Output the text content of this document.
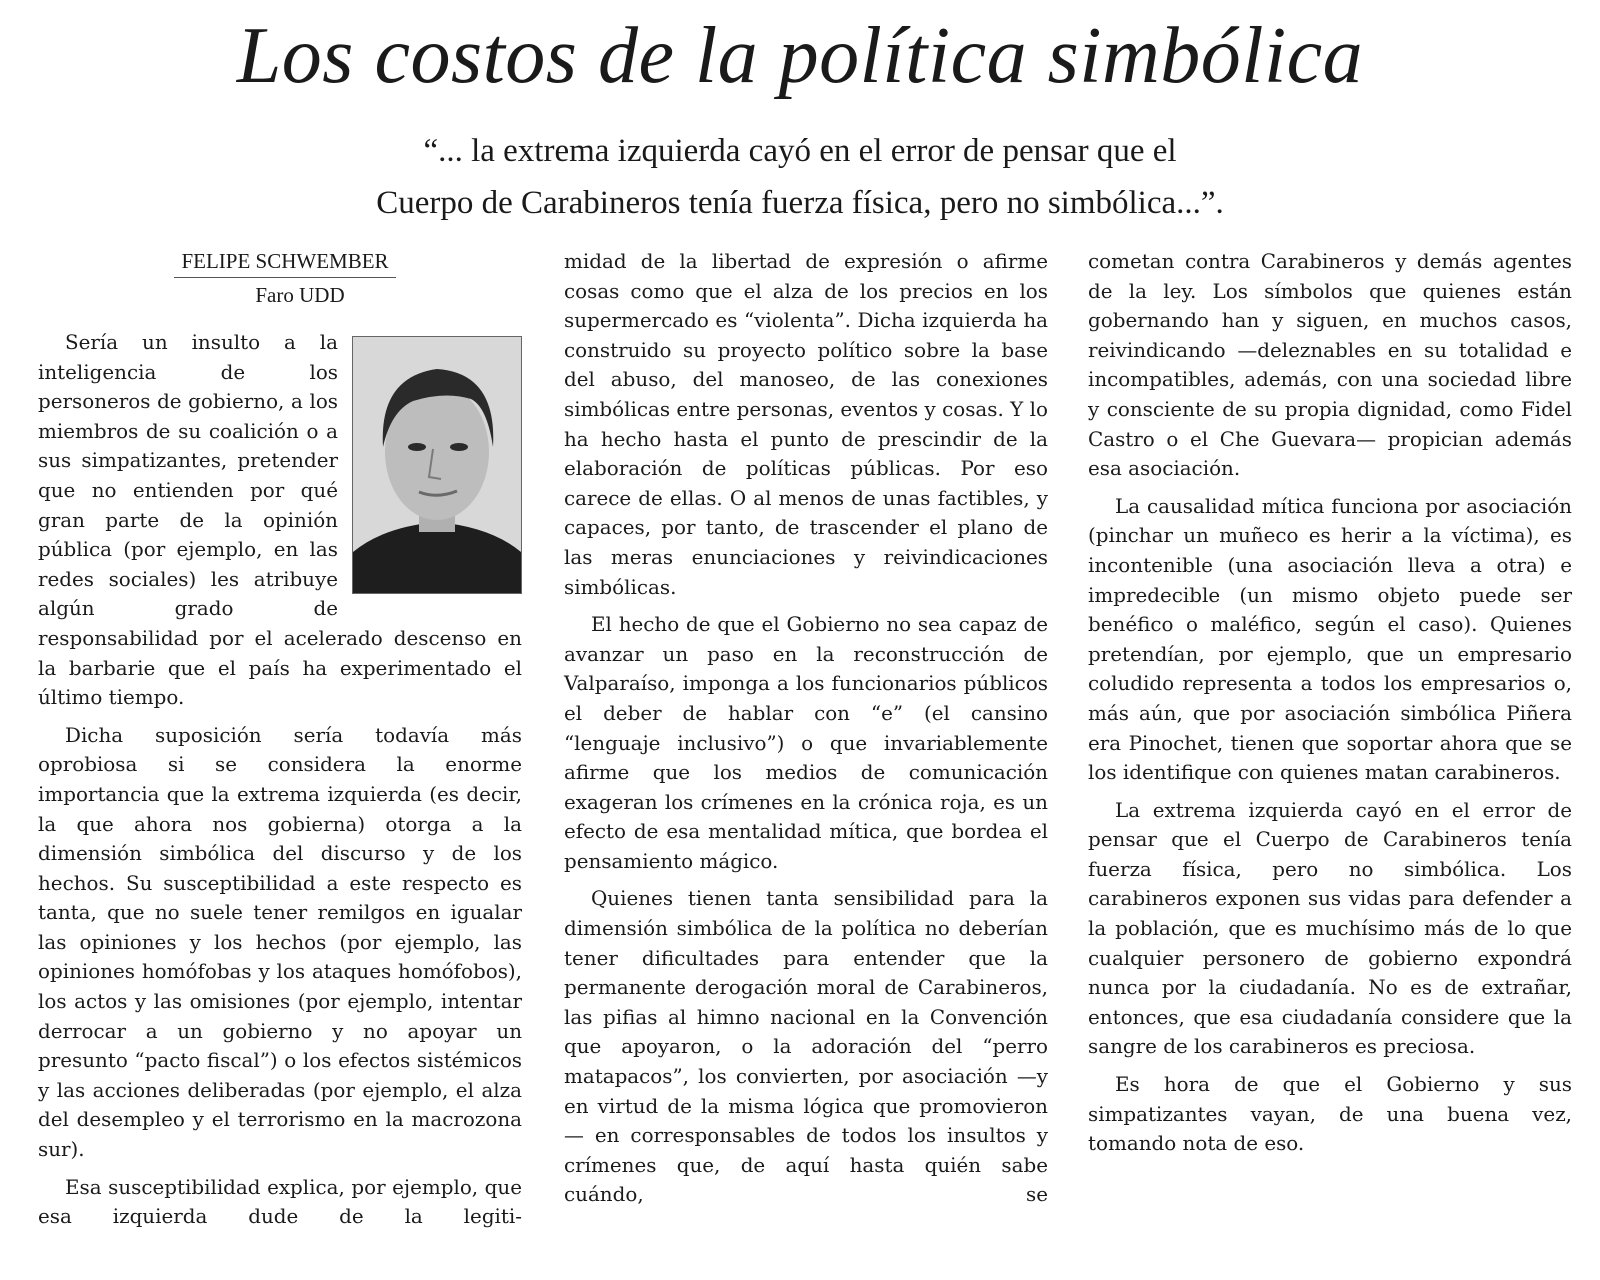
Los costos de la política simbólica
“... la extrema izquierda cayó en el error de pensar que el
Cuerpo de Carabineros tenía fuerza física, pero no simbólica...”.
FELIPE SCHWEMBER
Faro UDD

Sería un insulto a la inteligencia de los personeros de gobierno, a los miembros de su coalición o a sus simpatizantes, pretender que no entienden por qué gran parte de la opinión pública (por ejemplo, en las redes sociales) les atribuye algún grado de responsabilidad por el acelerado descenso en la barbarie que el país ha experimentado el último tiempo.

Dicha suposición sería todavía más oprobiosa si se considera la enorme importancia que la extrema izquierda (es decir, la que ahora nos gobierna) otorga a la dimensión simbólica del discurso y de los hechos. Su susceptibilidad a este respecto es tanta, que no suele tener remilgos en igualar las opiniones y los hechos (por ejemplo, las opiniones homófobas y los ataques homófobos), los actos y las omisiones (por ejemplo, intentar derrocar a un gobierno y no apoyar un presunto “pacto fiscal”) o los efectos sistémicos y las acciones deliberadas (por ejemplo, el alza del desempleo y el terrorismo en la macrozona sur).

Esa susceptibilidad explica, por ejemplo, que esa izquierda dude de la legiti-

midad de la libertad de expresión o afirme cosas como que el alza de los precios en los supermercado es “violenta”. Dicha izquierda ha construido su proyecto político sobre la base del abuso, del manoseo, de las conexiones simbólicas entre personas, eventos y cosas. Y lo ha hecho hasta el punto de prescindir de la elaboración de políticas públicas. Por eso carece de ellas. O al menos de unas factibles, y capaces, por tanto, de trascender el plano de las meras enunciaciones y reivindicaciones simbólicas.

El hecho de que el Gobierno no sea capaz de avanzar un paso en la reconstrucción de Valparaíso, imponga a los funcionarios públicos el deber de hablar con “e” (el cansino “lenguaje inclusivo”) o que invariablemente afirme que los medios de comunicación exageran los crímenes en la crónica roja, es un efecto de esa mentalidad mítica, que bordea el pensamiento mágico.

Quienes tienen tanta sensibilidad para la dimensión simbólica de la política no deberían tener dificultades para entender que la permanente derogación moral de Carabineros, las pifias al himno nacional en la Convención que apoyaron, o la adoración del “perro matapacos”, los convierten, por asociación —y en virtud de la misma lógica que promovieron— en corresponsables de todos los insultos y crímenes que, de aquí hasta quién sabe cuándo, se

cometan contra Carabineros y demás agentes de la ley. Los símbolos que quienes están gobernando han y siguen, en muchos casos, reivindicando —deleznables en su totalidad e incompatibles, además, con una sociedad libre y consciente de su propia dignidad, como Fidel Castro o el Che Guevara— propician además esa asociación.

La causalidad mítica funciona por asociación (pinchar un muñeco es herir a la víctima), es incontenible (una asociación lleva a otra) e impredecible (un mismo objeto puede ser benéfico o maléfico, según el caso). Quienes pretendían, por ejemplo, que un empresario coludido representa a todos los empresarios o, más aún, que por asociación simbólica Piñera era Pinochet, tienen que soportar ahora que se los identifique con quienes matan carabineros.

La extrema izquierda cayó en el error de pensar que el Cuerpo de Carabineros tenía fuerza física, pero no simbólica. Los carabineros exponen sus vidas para defender a la población, que es muchísimo más de lo que cualquier personero de gobierno expondrá nunca por la ciudadanía. No es de extrañar, entonces, que esa ciudadanía considere que la sangre de los carabineros es preciosa.

Es hora de que el Gobierno y sus simpatizantes vayan, de una buena vez, tomando nota de eso.
